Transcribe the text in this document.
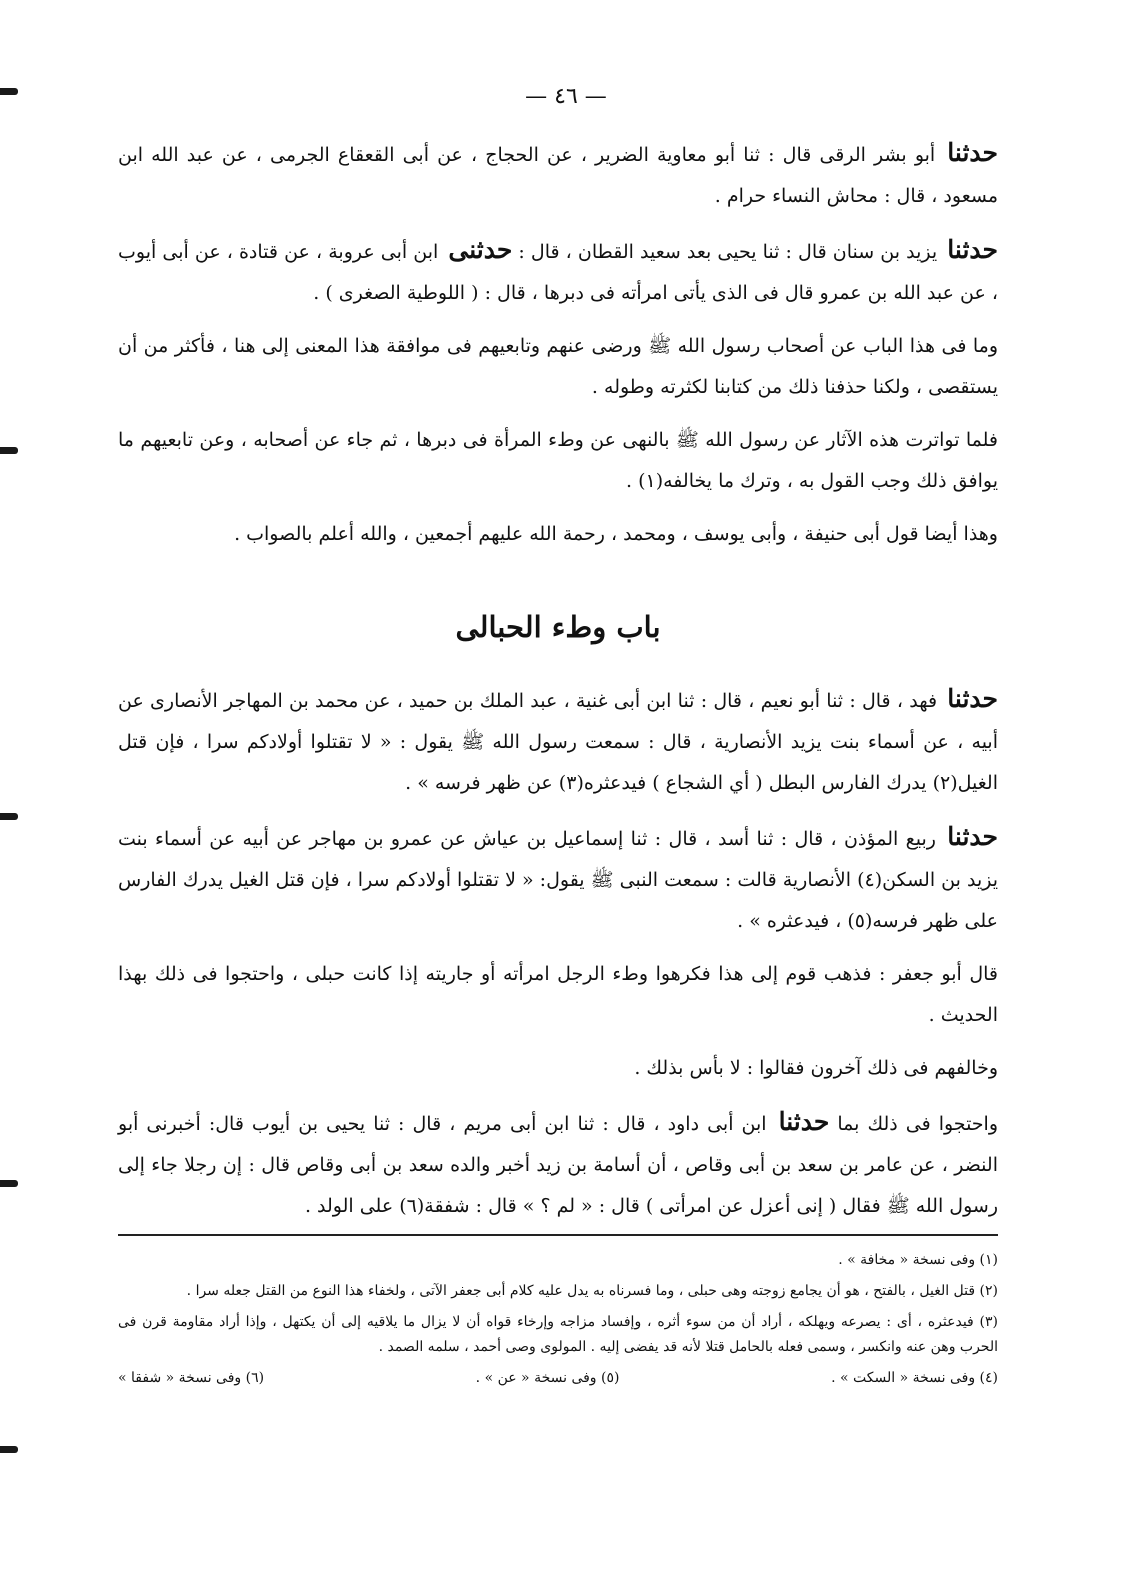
— ٤٦ —

حدثنا أبو بشر الرقى قال : ثنا أبو معاوية الضرير ، عن الحجاج ، عن أبى القعقاع الجرمى ، عن عبد الله ابن مسعود ، قال : محاش النساء حرام .

حدثنا يزيد بن سنان قال : ثنا يحيى بعد سعيد القطان ، قال : حدثنى ابن أبى عروبة ، عن قتادة ، عن أبى أيوب ، عن عبد الله بن عمرو قال فى الذى يأتى امرأته فى دبرها ، قال : ( اللوطية الصغرى ) .

وما فى هذا الباب عن أصحاب رسول الله ﷺ ورضى عنهم وتابعيهم فى موافقة هذا المعنى إلى هنا ، فأكثر من أن يستقصى ، ولكنا حذفنا ذلك من كتابنا لكثرته وطوله .

فلما تواترت هذه الآثار عن رسول الله ﷺ بالنهى عن وطء المرأة فى دبرها ، ثم جاء عن أصحابه ، وعن تابعيهم ما يوافق ذلك وجب القول به ، وترك ما يخالفه(١) .

وهذا أيضا قول أبى حنيفة ، وأبى يوسف ، ومحمد ، رحمة الله عليهم أجمعين ، والله أعلم بالصواب .

باب وطء الحبالى

حدثنا فهد ، قال : ثنا أبو نعيم ، قال : ثنا ابن أبى غنية ، عبد الملك بن حميد ، عن محمد بن المهاجر الأنصارى عن أبيه ، عن أسماء بنت يزيد الأنصارية ، قال : سمعت رسول الله ﷺ يقول : « لا تقتلوا أولادكم سرا ، فإن قتل الغيل(٢) يدرك الفارس البطل ( أي الشجاع ) فيدعثره(٣) عن ظهر فرسه » .

حدثنا ربيع المؤذن ، قال : ثنا أسد ، قال : ثنا إسماعيل بن عياش عن عمرو بن مهاجر عن أبيه عن أسماء بنت يزيد بن السكن(٤) الأنصارية قالت : سمعت النبى ﷺ يقول: « لا تقتلوا أولادكم سرا ، فإن قتل الغيل يدرك الفارس على ظهر فرسه(٥) ، فيدعثره » .

قال أبو جعفر : فذهب قوم إلى هذا فكرهوا وطء الرجل امرأته أو جاريته إذا كانت حبلى ، واحتجوا فى ذلك بهذا الحديث .

وخالفهم فى ذلك آخرون فقالوا : لا بأس بذلك .

واحتجوا فى ذلك بما حدثنا ابن أبى داود ، قال : ثنا ابن أبى مريم ، قال : ثنا يحيى بن أيوب قال: أخبرنى أبو النضر ، عن عامر بن سعد بن أبى وقاص ، أن أسامة بن زيد أخبر والده سعد بن أبى وقاص قال : إن رجلا جاء إلى رسول الله ﷺ فقال ( إنى أعزل عن امرأتى ) قال : « لم ؟ » قال : شفقة(٦) على الولد .

(١) وفى نسخة « مخافة » .

(٢) قتل الغيل ، بالفتح ، هو أن يجامع زوجته وهى حبلى ، وما فسرناه به يدل عليه كلام أبى جعفر الآتى ، ولخفاء هذا النوع من القتل جعله سرا .

(٣) فيدعثره ، أى : يصرعه ويهلكه ، أراد أن من سوء أثره ، وإفساد مزاجه وإرخاء قواه أن لا يزال ما يلاقيه إلى أن يكتهل ، وإذا أراد مقاومة قرن فى الحرب وهن عنه وانكسر ، وسمى فعله بالحامل قتلا لأنه قد يفضى إليه . المولوى وصى أحمد ، سلمه الصمد .

(٤) وفى نسخة « السكت » .
(٥) وفى نسخة « عن » .
(٦) وفى نسخة « شفقا »
